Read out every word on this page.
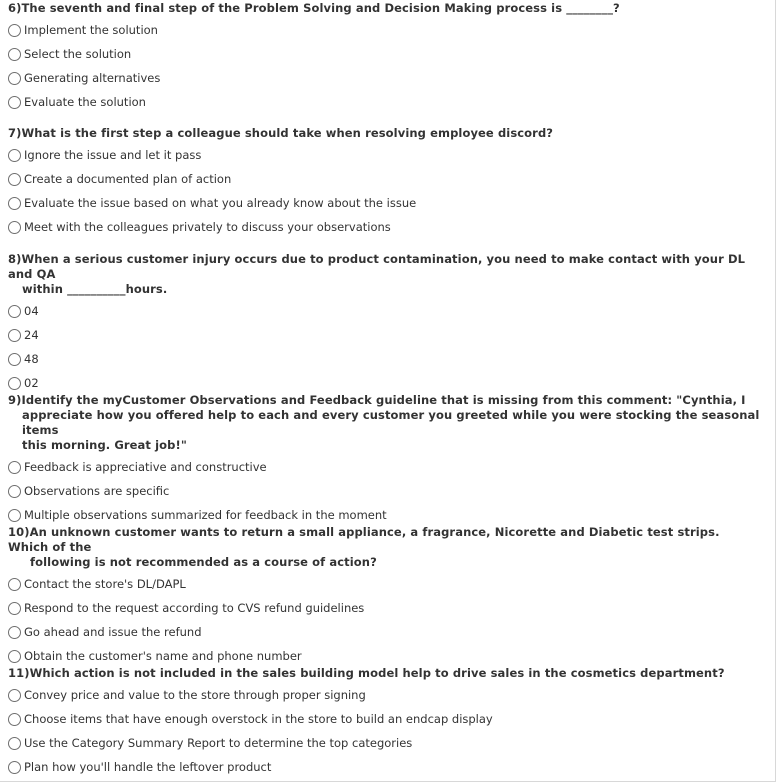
6)The seventh and final step of the Problem Solving and Decision Making process is ________?
Implement the solution
Select the solution
Generating alternatives
Evaluate the solution
7)What is the first step a colleague should take when resolving employee discord?
Ignore the issue and let it pass
Create a documented plan of action
Evaluate the issue based on what you already know about the issue
Meet with the colleagues privately to discuss your observations
8)When a serious customer injury occurs due to product contamination, you need to make contact with your DL and QA
within __________hours.
04
24
48
02
9)Identify the myCustomer Observations and Feedback guideline that is missing from this comment: "Cynthia, I
appreciate how you offered help to each and every customer you greeted while you were stocking the seasonal items
this morning. Great job!"
Feedback is appreciative and constructive
Observations are specific
Multiple observations summarized for feedback in the moment
10)An unknown customer wants to return a small appliance, a fragrance, Nicorette and Diabetic test strips. Which of the
following is not recommended as a course of action?
Contact the store's DL/DAPL
Respond to the request according to CVS refund guidelines
Go ahead and issue the refund
Obtain the customer's name and phone number
11)Which action is not included in the sales building model help to drive sales in the cosmetics department?
Convey price and value to the store through proper signing
Choose items that have enough overstock in the store to build an endcap display
Use the Category Summary Report to determine the top categories
Plan how you'll handle the leftover product
